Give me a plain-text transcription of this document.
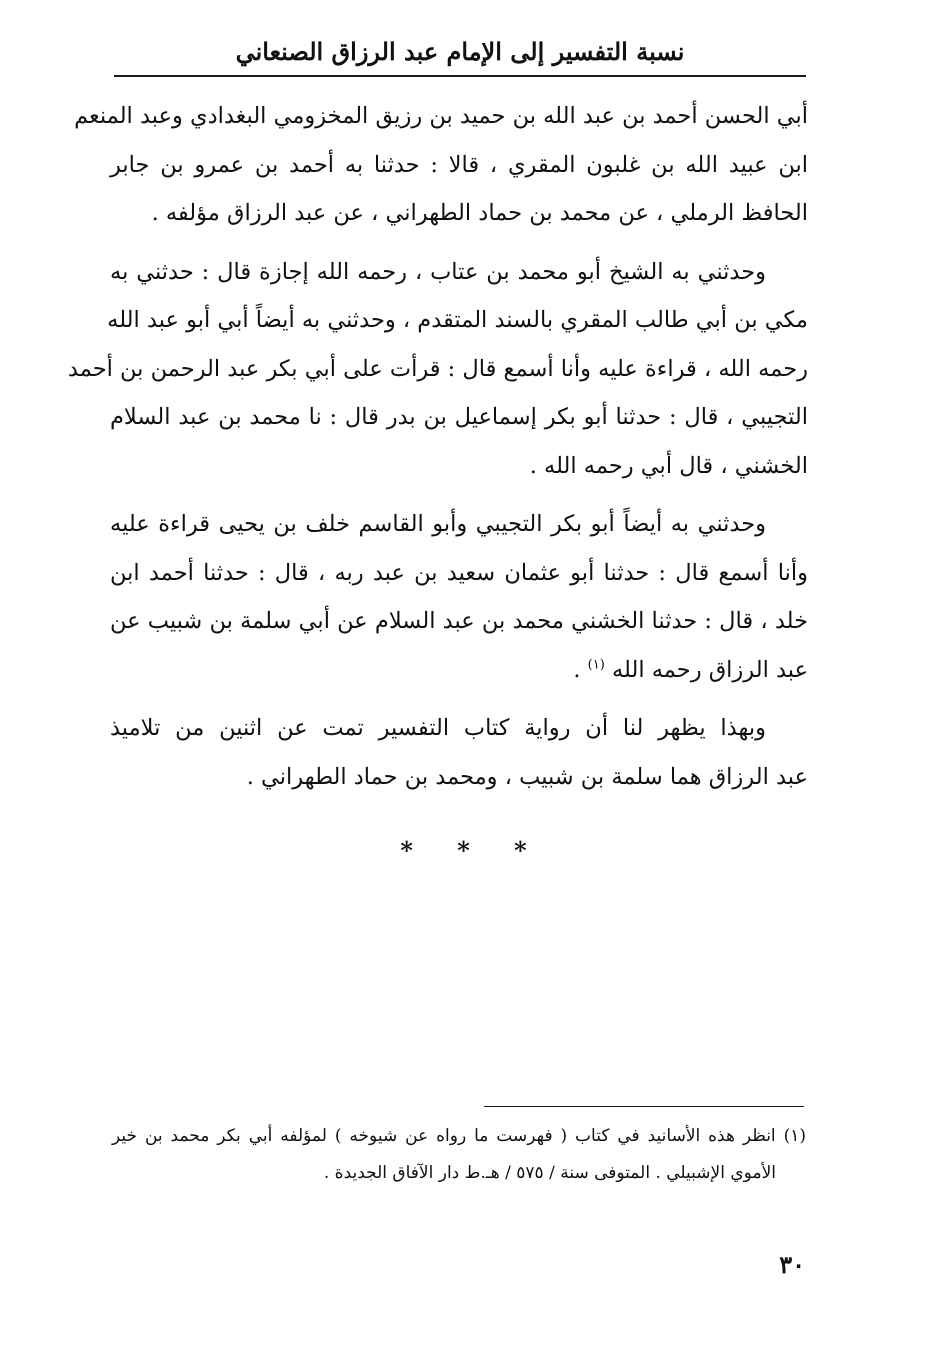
نسبة التفسير إلى الإمام عبد الرزاق الصنعاني

أبي الحسن أحمد بن عبد الله بن حميد بن رزيق المخزومي البغدادي وعبد المنعم
ابن عبيد الله بن غلبون المقري ، قالا : حدثنا به أحمد بن عمرو بن جابر
الحافظ الرملي ، عن محمد بن حماد الطهراني ، عن عبد الرزاق مؤلفه .

وحدثني به الشيخ أبو محمد بن عتاب ، رحمه الله إجازة قال : حدثني به
مكي بن أبي طالب المقري بالسند المتقدم ، وحدثني به أيضاً أبي أبو عبد الله
رحمه الله ، قراءة عليه وأنا أسمع قال : قرأت على أبي بكر عبد الرحمن بن أحمد
التجيبي ، قال : حدثنا أبو بكر إسماعيل بن بدر قال : نا محمد بن عبد السلام
الخشني ، قال أبي رحمه الله .

وحدثني به أيضاً أبو بكر التجيبي وأبو القاسم خلف بن يحيى قراءة عليه
وأنا أسمع قال : حدثنا أبو عثمان سعيد بن عبد ربه ، قال : حدثنا أحمد ابن
خلد ، قال : حدثنا الخشني محمد بن عبد السلام عن أبي سلمة بن شبيب عن
عبد الرزاق رحمه الله $^{(١)}$ .

وبهذا يظهر لنا أن رواية كتاب التفسير تمت عن اثنين من تلاميذ
عبد الرزاق هما سلمة بن شبيب ، ومحمد بن حماد الطهراني .

* * *
(١) انظر هذه الأسانيد في كتاب ( فهرست ما رواه عن شيوخه ) لمؤلفه أبي بكر محمد بن خير
الأموي الإشبيلي . المتوفى سنة / ٥٧٥ / هـ.ط دار الآفاق الجديدة .
٣٠
